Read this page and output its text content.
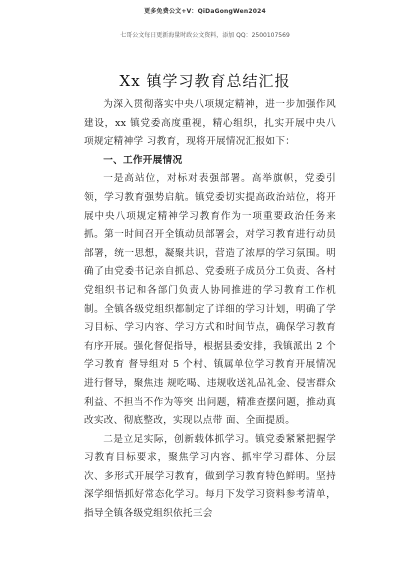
更多免费公文+V：QiDaGongWen2024
七哥公文每日更新海量时政公文资料，添加 QQ：2500107569
Xx 镇学习教育总结汇报

为深入贯彻落实中央八项规定精神，进一步加强作风建设，xx 镇党委高度重视，精心组织，扎实开展中央八项规定精神学 习教育，现将开展情况汇报如下：

一、工作开展情况

一是高站位，对标对表强部署。高举旗帜，党委引领，学习教育强势启航。镇党委切实提高政治站位，将开展中央八项规定精神学习教育作为一项重要政治任务来抓。第一时间召开全镇动员部署会，对学习教育进行动员部署，统一思想，凝聚共识，营造了浓厚的学习氛围。明确了由党委书记亲自抓总、党委班子成员分工负责、各村党组织书记和各部门负责人协同推进的学习教育工作机制。全镇各级党组织都制定了详细的学习计划，明确了学习目标、学习内容、学习方式和时间节点，确保学习教育有序开展。强化督促指导，根据县委安排，我镇派出 2 个学习教育 督导组对 5 个村、镇属单位学习教育开展情况进行督导，聚焦违 规吃喝、违规收送礼品礼金、侵害群众利益、不担当不作为等突 出问题，精准查摆问题，推动真改实改、彻底整改，实现以点带 面、全面提质。

二是立足实际，创新载体抓学习。镇党委紧紧把握学习教育目标要求，聚焦学习内容、抓牢学习群体、分层次、多形式开展学习教育，做到学习教育特色鲜明。坚持深学细悟抓好常态化学习。每月下发学习资料参考清单，指导全镇各级党组织依托三会
